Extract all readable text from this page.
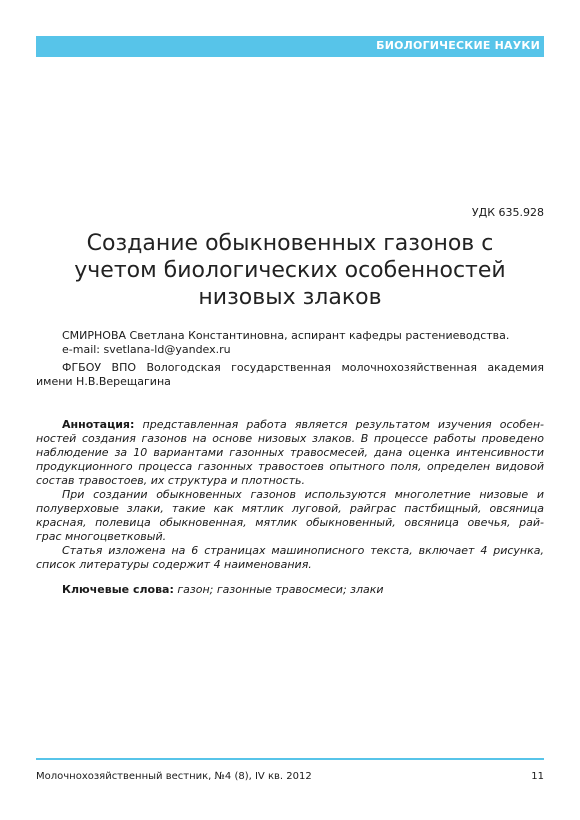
БИОЛОГИЧЕСКИЕ НАУКИ
УДК 635.928
Создание обыкновенных газонов с
учетом биологических особенностей
низовых злаков
СМИРНОВА Светлана Константиновна, аспирант кафедры растениеводства.
e-mail: svetlana-ld@yandex.ru
ФГБОУ ВПО Вологодская государственная молочнохозяйственная академия
имени Н.В.Верещагина
Аннотация: представленная работа является результатом изучения особен-
ностей создания газонов на основе низовых злаков. В процессе работы проведено
наблюдение за 10 вариантами газонных травосмесей, дана оценка интенсивности
продукционного процесса газонных травостоев опытного поля, определен видовой
состав травостоев, их структура и плотность.
При создании обыкновенных газонов используются многолетние низовые и
полуверховые злаки, такие как мятлик луговой, райграс пастбищный, овсяница
красная, полевица обыкновенная, мятлик обыкновенный, овсяница овечья, рай-
грас многоцветковый.
Статья изложена на 6 страницах машинописного текста, включает 4 рисунка,
список литературы содержит 4 наименования.
Ключевые слова: газон; газонные травосмеси; злаки
Молочнохозяйственный вестник, №4 (8), IV кв. 2012	11
